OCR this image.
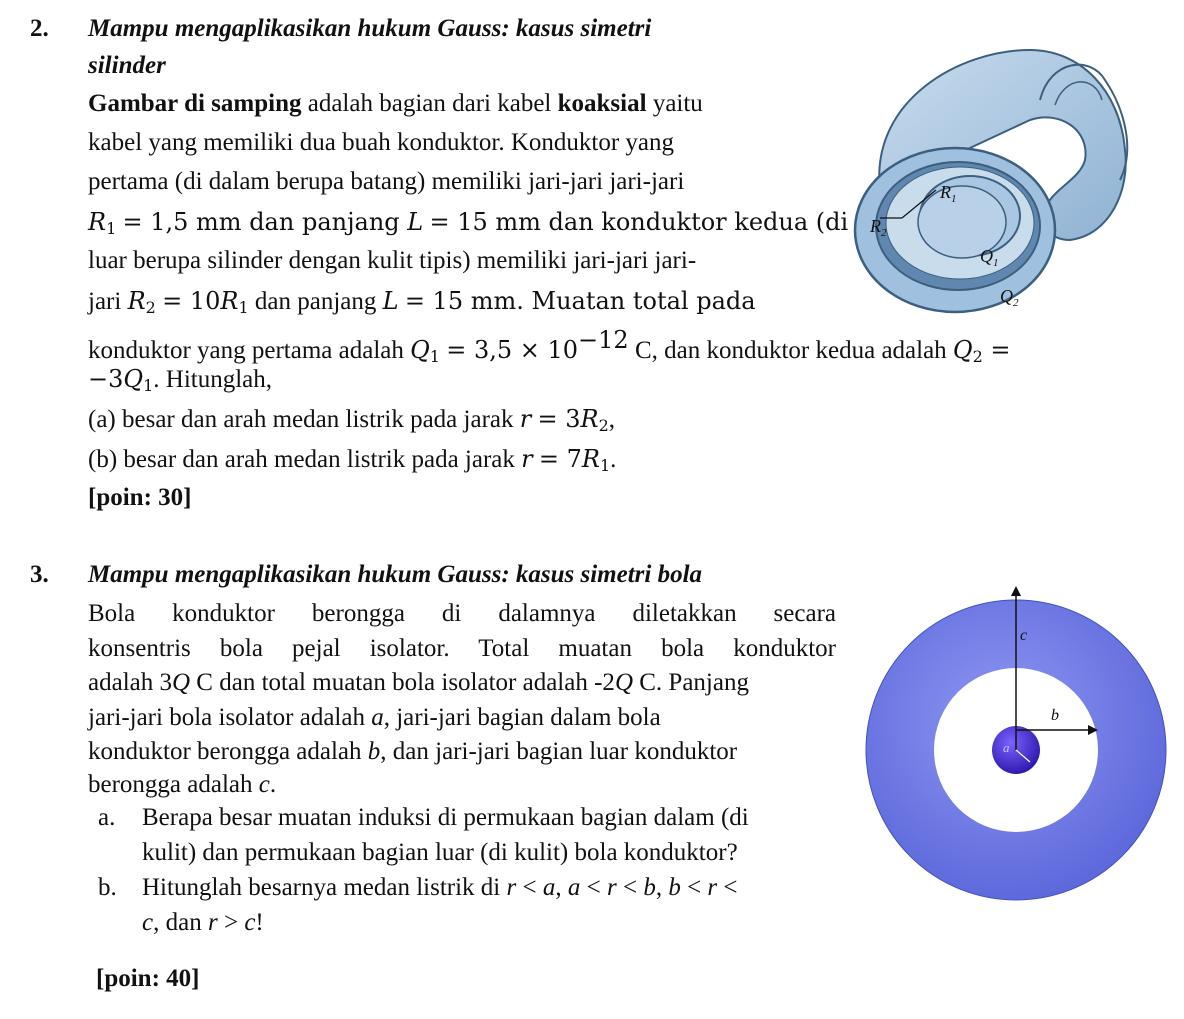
2. Mampu mengaplikasikan hukum Gauss: kasus simetri
silinder
Gambar di samping adalah bagian dari kabel koaksial yaitu
kabel yang memiliki dua buah konduktor. Konduktor yang
pertama (di dalam berupa batang) memiliki jari-jari jari-jari
$R_1 = 1,5$ mm dan panjang L = 15 mm dan konduktor kedua (di
luar berupa silinder dengan kulit tipis) memiliki jari-jari jari-
jari $R_2 = 10R_1$ dan panjang L = 15 mm. Muatan total pada
konduktor yang pertama adalah $Q_1 = 3,5 \times 10^{-12}$ C, dan konduktor kedua adalah $Q_2$ =
$-3Q_1$. Hitunglah,
(a) besar dan arah medan listrik pada jarak $r = 3R_2$,
(b) besar dan arah medan listrik pada jarak $r = 7R_1$.
[poin: 30]
$R_1$
$R_2$
$Q_1$
$Q_2$
3. Mampu mengaplikasikan hukum Gauss: kasus simetri bola
Bola konduktor berongga di dalamnya diletakkan secara
konsentris bola pejal isolator. Total muatan bola konduktor
adalah 3Q C dan total muatan bola isolator adalah -2Q C. Panjang
jari-jari bola isolator adalah a, jari-jari bagian dalam bola
konduktor berongga adalah b, dan jari-jari bagian luar konduktor
berongga adalah c.
a. Berapa besar muatan induksi di permukaan bagian dalam (di
kulit) dan permukaan bagian luar (di kulit) bola konduktor?
b. Hitunglah besarnya medan listrik di r < a, a < r < b, b < r <
c, dan r > c!
[poin: 40]
c
b
a
